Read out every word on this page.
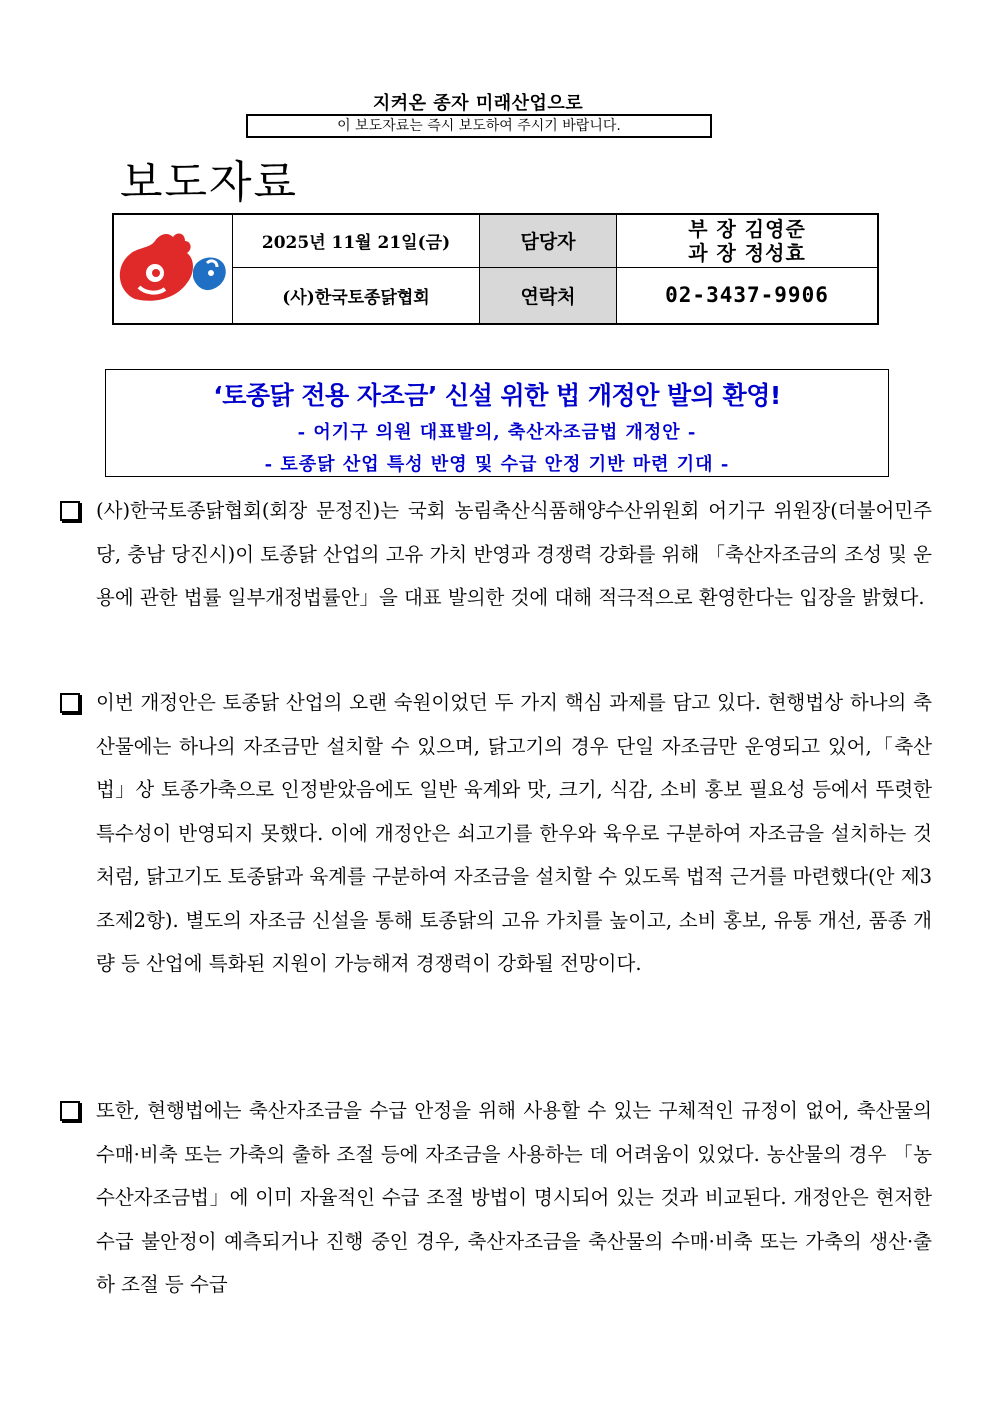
지켜온 종자 미래산업으로
이 보도자료는 즉시 보도하여 주시기 바랍니다.
보도자료
	2025년 11월 21일(금)	담당자	부 장 김영준
과 장 정성효

	(사)한국토종닭협회	연락처	02-3437-9906
‘토종닭 전용 자조금’ 신설 위한 법 개정안 발의 환영!
- 어기구 의원 대표발의, 축산자조금법 개정안 -
- 토종닭 산업 특성 반영 및 수급 안정 기반 마련 기대 -
(사)한국토종닭협회(회장 문정진)는 국회 농림축산식품해양수산위원회 어기구 위원장(더불어민주당, 충남 당진시)이 토종닭 산업의 고유 가치 반영과 경쟁력 강화를 위해 「축산자조금의 조성 및 운용에 관한 법률 일부개정법률안」을 대표 발의한 것에 대해 적극적으로 환영한다는 입장을 밝혔다.
이번 개정안은 토종닭 산업의 오랜 숙원이었던 두 가지 핵심 과제를 담고 있다. 현행법상 하나의 축산물에는 하나의 자조금만 설치할 수 있으며, 닭고기의 경우 단일 자조금만 운영되고 있어,「축산법」상 토종가축으로 인정받았음에도 일반 육계와 맛, 크기, 식감, 소비 홍보 필요성 등에서 뚜렷한 특수성이 반영되지 못했다. 이에 개정안은 쇠고기를 한우와 육우로 구분하여 자조금을 설치하는 것처럼, 닭고기도 토종닭과 육계를 구분하여 자조금을 설치할 수 있도록 법적 근거를 마련했다(안 제3조제2항). 별도의 자조금 신설을 통해 토종닭의 고유 가치를 높이고, 소비 홍보, 유통 개선, 품종 개량 등 산업에 특화된 지원이 가능해져 경쟁력이 강화될 전망이다.
또한, 현행법에는 축산자조금을 수급 안정을 위해 사용할 수 있는 구체적인 규정이 없어, 축산물의 수매·비축 또는 가축의 출하 조절 등에 자조금을 사용하는 데 어려움이 있었다. 농산물의 경우 「농수산자조금법」에 이미 자율적인 수급 조절 방법이 명시되어 있는 것과 비교된다. 개정안은 현저한 수급 불안정이 예측되거나 진행 중인 경우, 축산자조금을 축산물의 수매·비축 또는 가축의 생산·출하 조절 등 수급
